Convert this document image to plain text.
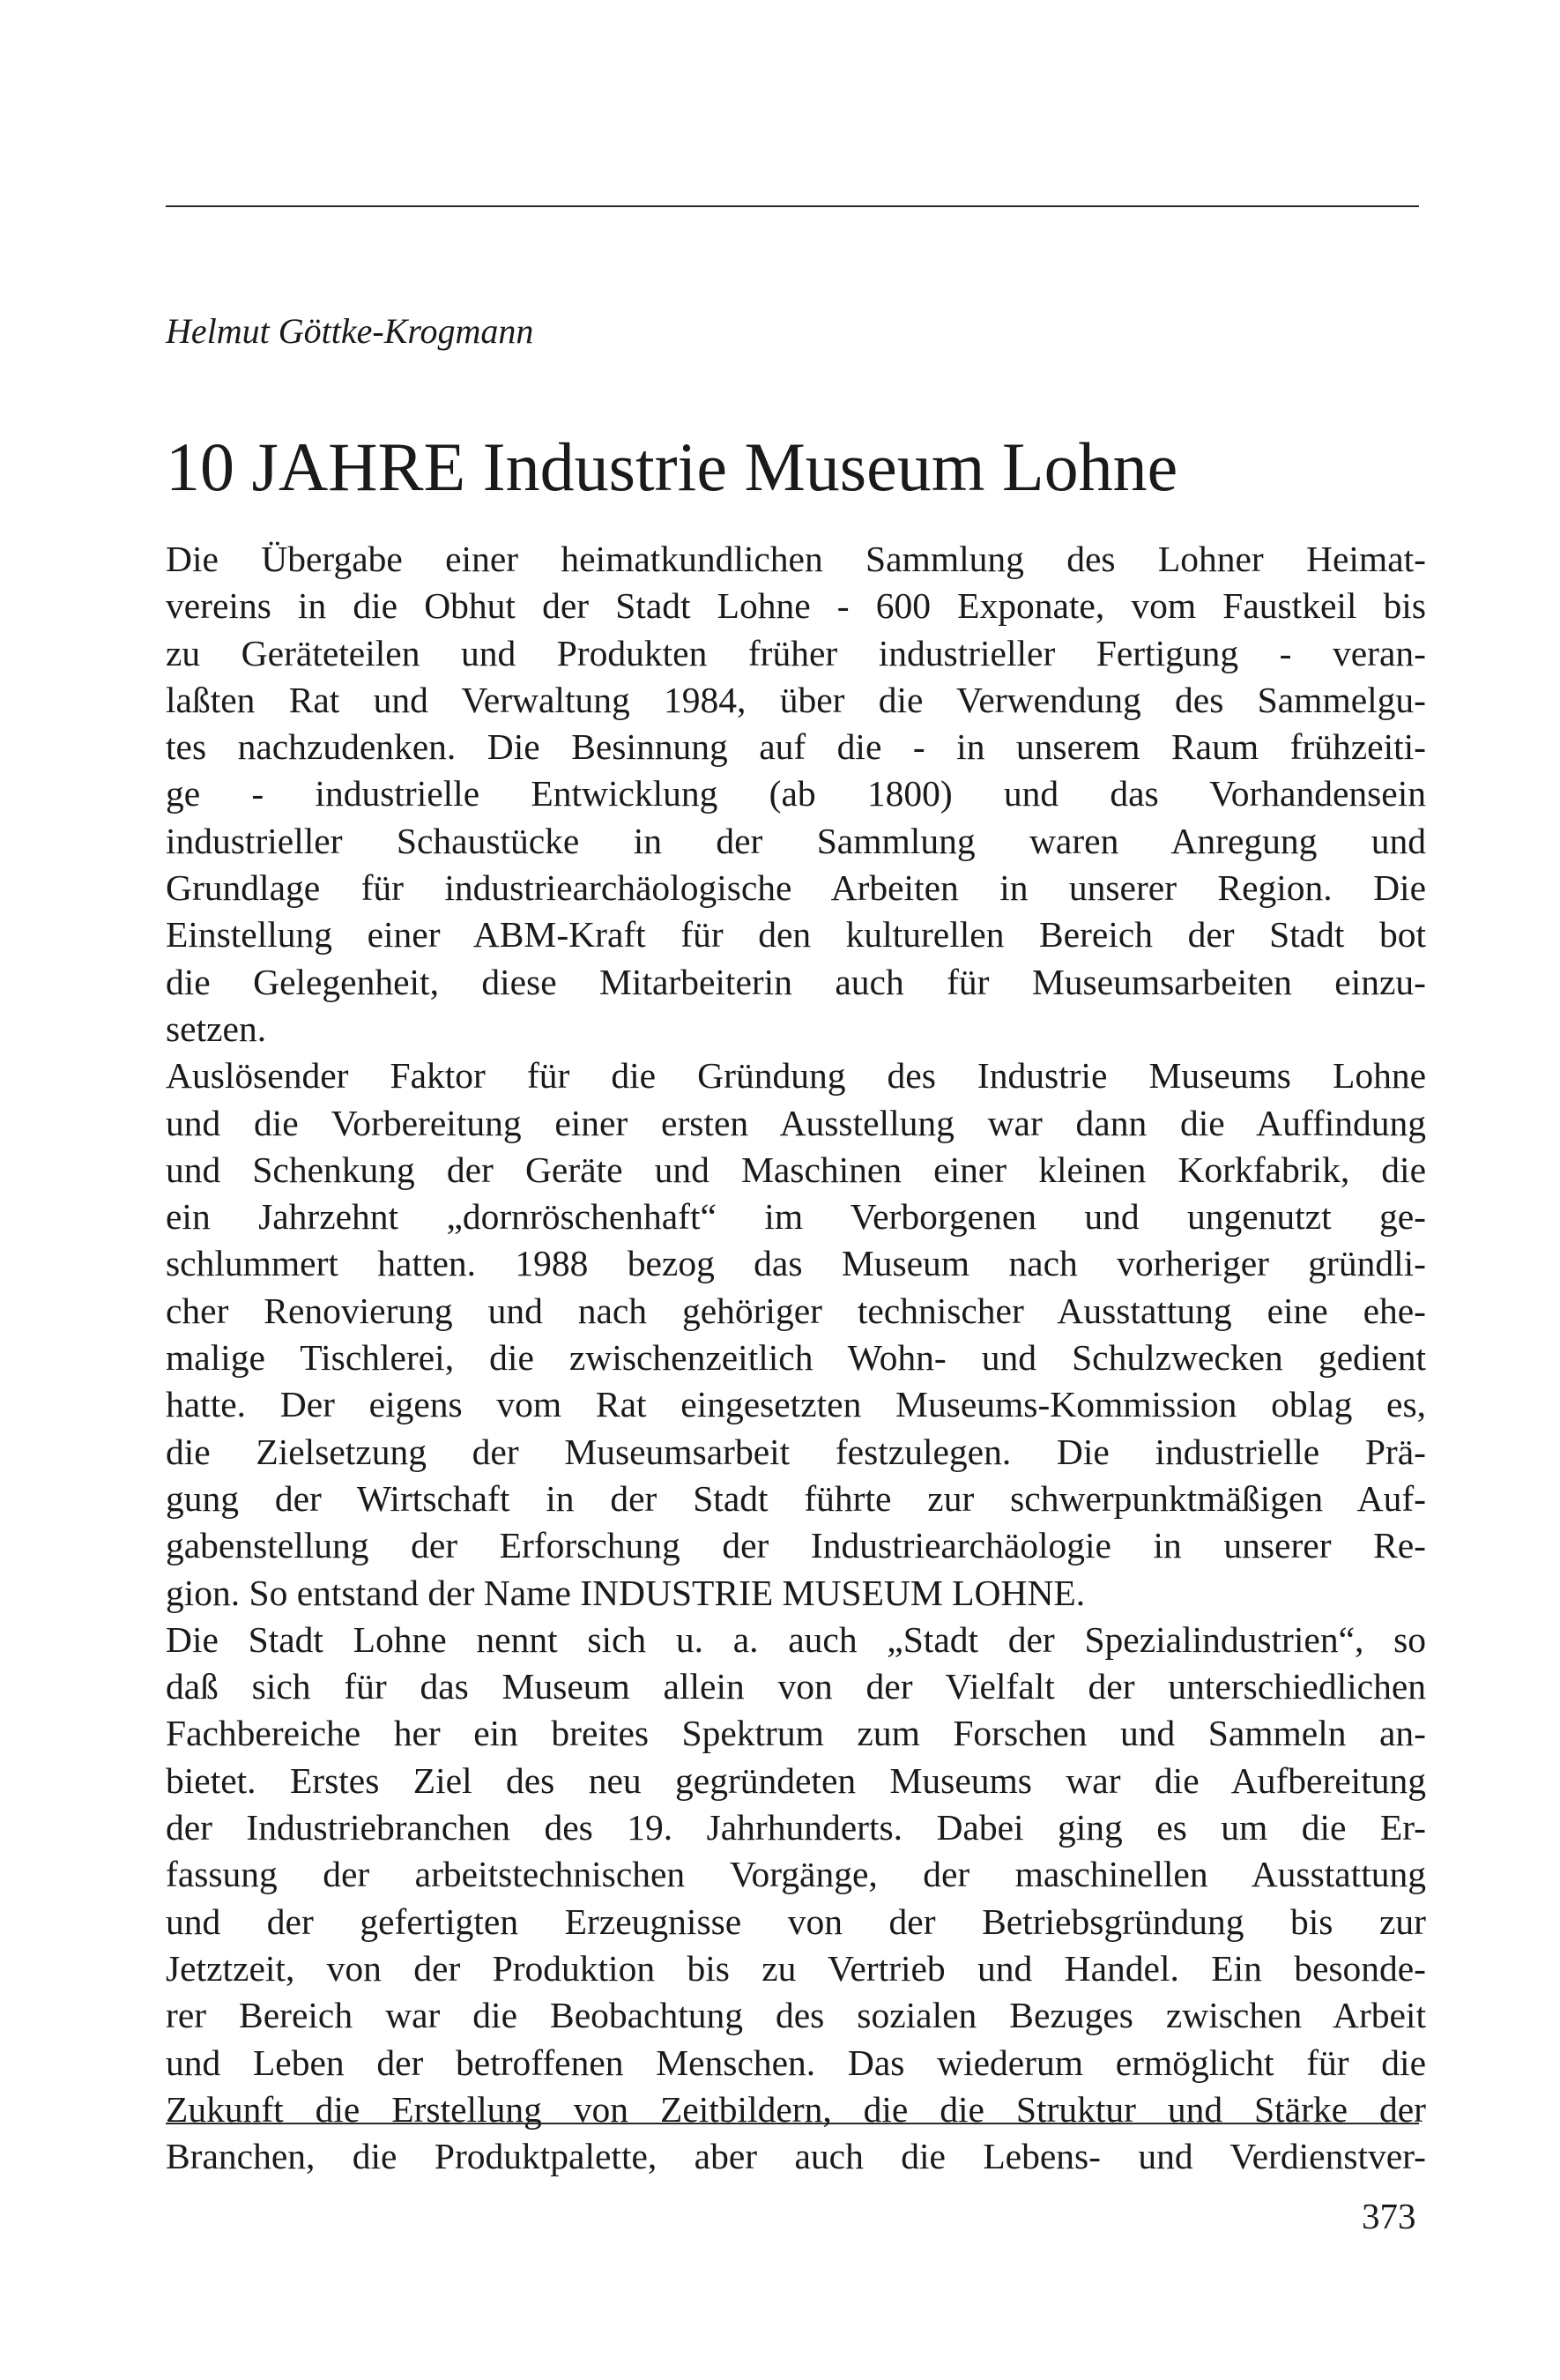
Helmut Göttke-Krogmann

10 JAHRE Industrie Museum Lohne
Die Übergabe einer heimatkundlichen Sammlung des Lohner Heimat-
vereins in die Obhut der Stadt Lohne - 600 Exponate, vom Faustkeil bis
zu Geräteteilen und Produkten früher industrieller Fertigung - veran-
laßten Rat und Verwaltung 1984, über die Verwendung des Sammelgu-
tes nachzudenken. Die Besinnung auf die - in unserem Raum frühzeiti-
ge - industrielle Entwicklung (ab 1800) und das Vorhandensein
industrieller Schaustücke in der Sammlung waren Anregung und
Grundlage für industriearchäologische Arbeiten in unserer Region. Die
Einstellung einer ABM-Kraft für den kulturellen Bereich der Stadt bot
die Gelegenheit, diese Mitarbeiterin auch für Museumsarbeiten einzu-
setzen.
Auslösender Faktor für die Gründung des Industrie Museums Lohne
und die Vorbereitung einer ersten Ausstellung war dann die Auffindung
und Schenkung der Geräte und Maschinen einer kleinen Korkfabrik, die
ein Jahrzehnt „dornröschenhaft“ im Verborgenen und ungenutzt ge-
schlummert hatten. 1988 bezog das Museum nach vorheriger gründli-
cher Renovierung und nach gehöriger technischer Ausstattung eine ehe-
malige Tischlerei, die zwischenzeitlich Wohn- und Schulzwecken gedient
hatte. Der eigens vom Rat eingesetzten Museums-Kommission oblag es,
die Zielsetzung der Museumsarbeit festzulegen. Die industrielle Prä-
gung der Wirtschaft in der Stadt führte zur schwerpunktmäßigen Auf-
gabenstellung der Erforschung der Industriearchäologie in unserer Re-
gion. So entstand der Name INDUSTRIE MUSEUM LOHNE.
Die Stadt Lohne nennt sich u. a. auch „Stadt der Spezialindustrien“, so
daß sich für das Museum allein von der Vielfalt der unterschiedlichen
Fachbereiche her ein breites Spektrum zum Forschen und Sammeln an-
bietet. Erstes Ziel des neu gegründeten Museums war die Aufbereitung
der Industriebranchen des 19. Jahrhunderts. Dabei ging es um die Er-
fassung der arbeitstechnischen Vorgänge, der maschinellen Ausstattung
und der gefertigten Erzeugnisse von der Betriebsgründung bis zur
Jetztzeit, von der Produktion bis zu Vertrieb und Handel. Ein besonde-
rer Bereich war die Beobachtung des sozialen Bezuges zwischen Arbeit
und Leben der betroffenen Menschen. Das wiederum ermöglicht für die
Zukunft die Erstellung von Zeitbildern, die die Struktur und Stärke der
Branchen, die Produktpalette, aber auch die Lebens- und Verdienstver-

373
